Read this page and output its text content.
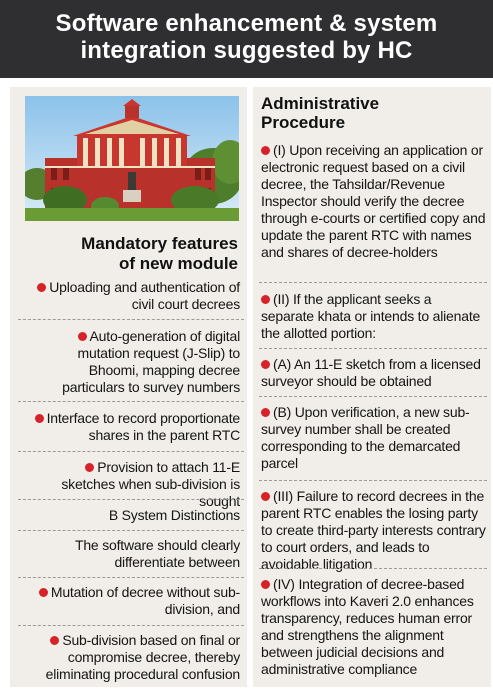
Software enhancement & system
integration suggested by HC
Mandatory features
of new module
Uploading and authentication of civil court decrees
Auto-generation of digital mutation request (J-Slip) to Bhoomi, mapping decree particulars to survey numbers
Interface to record proportionate shares in the parent RTC
Provision to attach 11-E sketches when sub-division is sought
B System Distinctions
The software should clearly differentiate between
Mutation of decree without sub-division, and
Sub-division based on final or compromise decree, thereby eliminating procedural confusion
Administrative
Procedure
(I) Upon receiving an application or electronic request based on a civil decree, the Tahsildar/Revenue Inspector should verify the decree through e-courts or certified copy and update the parent RTC with names and shares of decree-holders
(II) If the applicant seeks a separate khata or intends to alienate the allotted portion:
(A) An 11-E sketch from a licensed surveyor should be obtained
(B) Upon verification, a new sub-survey number shall be created corresponding to the demarcated parcel
(III) Failure to record decrees in the parent RTC enables the losing party to create third-party interests contrary to court orders, and leads to avoidable litigation
(IV) Integration of decree-based workflows into Kaveri 2.0 enhances transparency, reduces human error and strengthens the alignment between judicial decisions and administrative compliance
